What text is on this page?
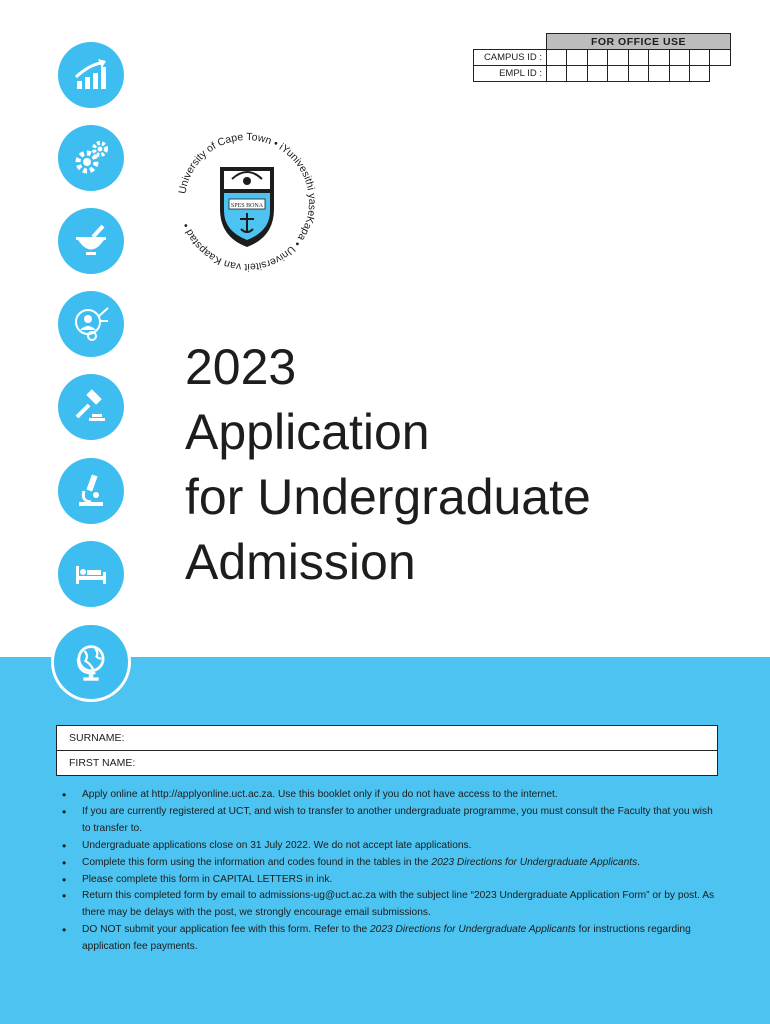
	FOR OFFICE USE								
CAMPUS ID :									
EMPL ID :									
University of Cape Town • iYunivesithi yaseKapa • Universiteit van Kaapstad •
SPES BONA
2023
Application
for Undergraduate
Admission
SURNAME:
FIRST NAME:
• Apply online at http://applyonline.uct.ac.za. Use this booklet only if you do not have access to the internet.
• If you are currently registered at UCT, and wish to transfer to another undergraduate programme, you must consult the Faculty that you wish to transfer to.
• Undergraduate applications close on 31 July 2022. We do not accept late applications.
• Complete this form using the information and codes found in the tables in the 2023 Directions for Undergraduate Applicants.
• Please complete this form in CAPITAL LETTERS in ink.
• Return this completed form by email to admissions-ug@uct.ac.za with the subject line “2023 Undergraduate Application Form” or by post. As there may be delays with the post, we strongly encourage email submissions.
• DO NOT submit your application fee with this form. Refer to the 2023 Directions for Undergraduate Applicants for instructions regarding application fee payments.
